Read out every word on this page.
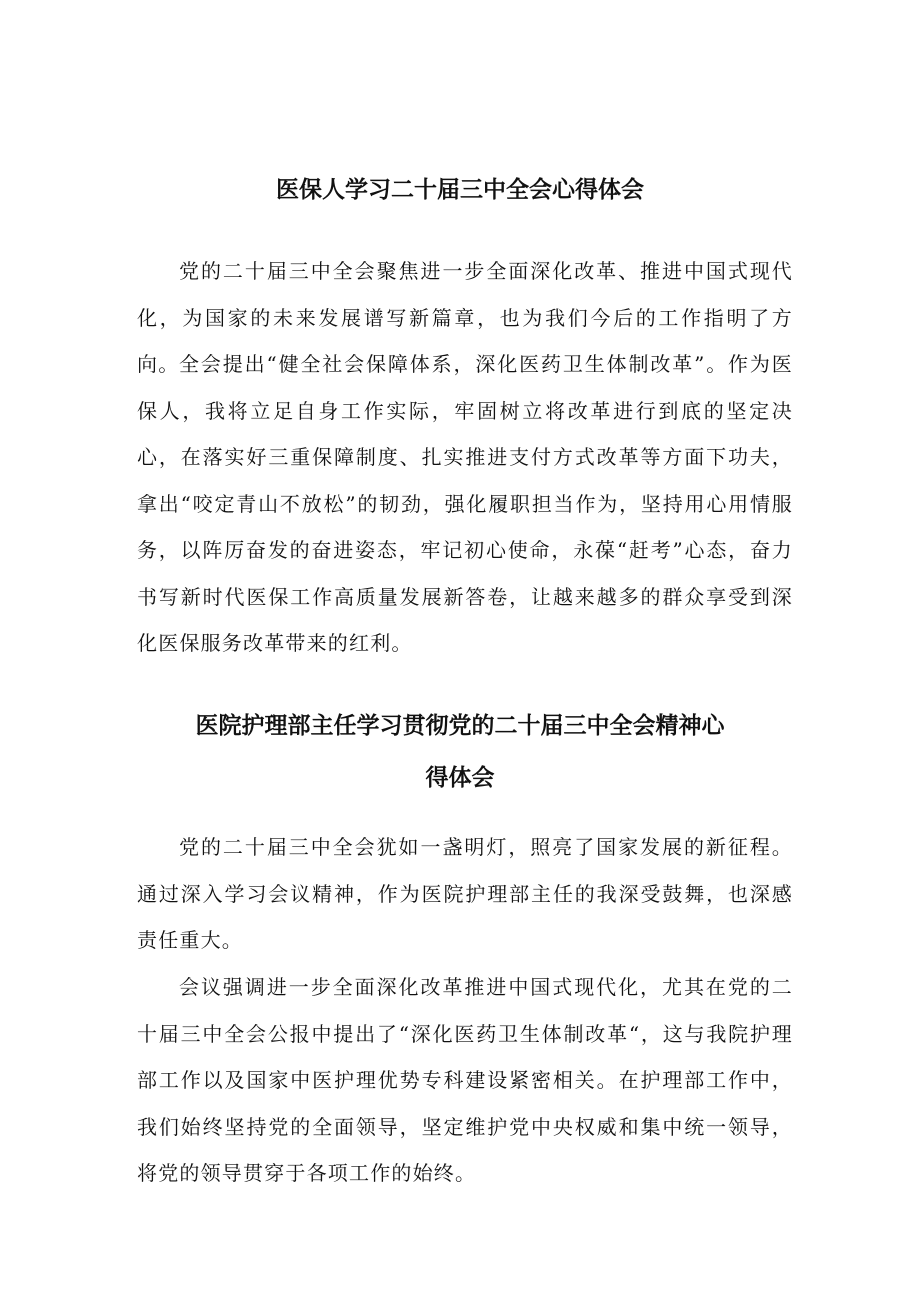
医保人学习二十届三中全会心得体会

党的二十届三中全会聚焦进一步全面深化改革、推进中国式现代化，为国家的未来发展谱写新篇章，也为我们今后的工作指明了方向。 全会提出“健全社会保障体系，深化医药卫生体制改革”。作为医保人，我将立足自身工作实际，牢固树立将改革进行到底的坚定决心，在落实好三重保障制度、扎实推进支付方式改革等方面下功夫，拿出“咬定青山不放松”的韧劲，强化履职担当作为，坚持用心用情服务，以阵厉奋发的奋进姿态，牢记初心使命，永葆“赶考”心态，奋力书写新时代医保工作高质量发展新答卷，让越来越多的群众享受到深化医保服务改革带来的红利。

医院护理部主任学习贯彻党的二十届三中全会精神心
得体会

党的二十届三中全会犹如一盏明灯，照亮了国家发展的新征程。通过深入学习会议精神，作为医院护理部主任的我深受鼓舞，也深感责任重大。

会议强调进一步全面深化改革推进中国式现代化，尤其在党的二十届三中全会公报中提出了“深化医药卫生体制改革“，这与我院护理部工作以及国家中医护理优势专科建设紧密相关。在护理部工作中，我们始终坚持党的全面领导，坚定维护党中央权威和集中统一领导，将党的领导贯穿于各项工作的始终。
